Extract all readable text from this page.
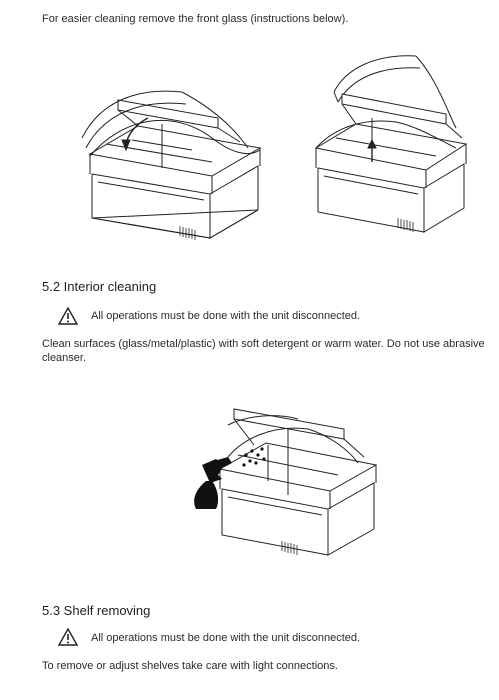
For easier cleaning remove the front glass (instructions below).
5.2 Interior cleaning
All operations must be done with the unit disconnected.
Clean surfaces (glass/metal/plastic) with soft detergent or warm water. Do not use abrasive cleanser.
5.3 Shelf removing
All operations must be done with the unit disconnected.
To remove or adjust shelves take care with light connections.
